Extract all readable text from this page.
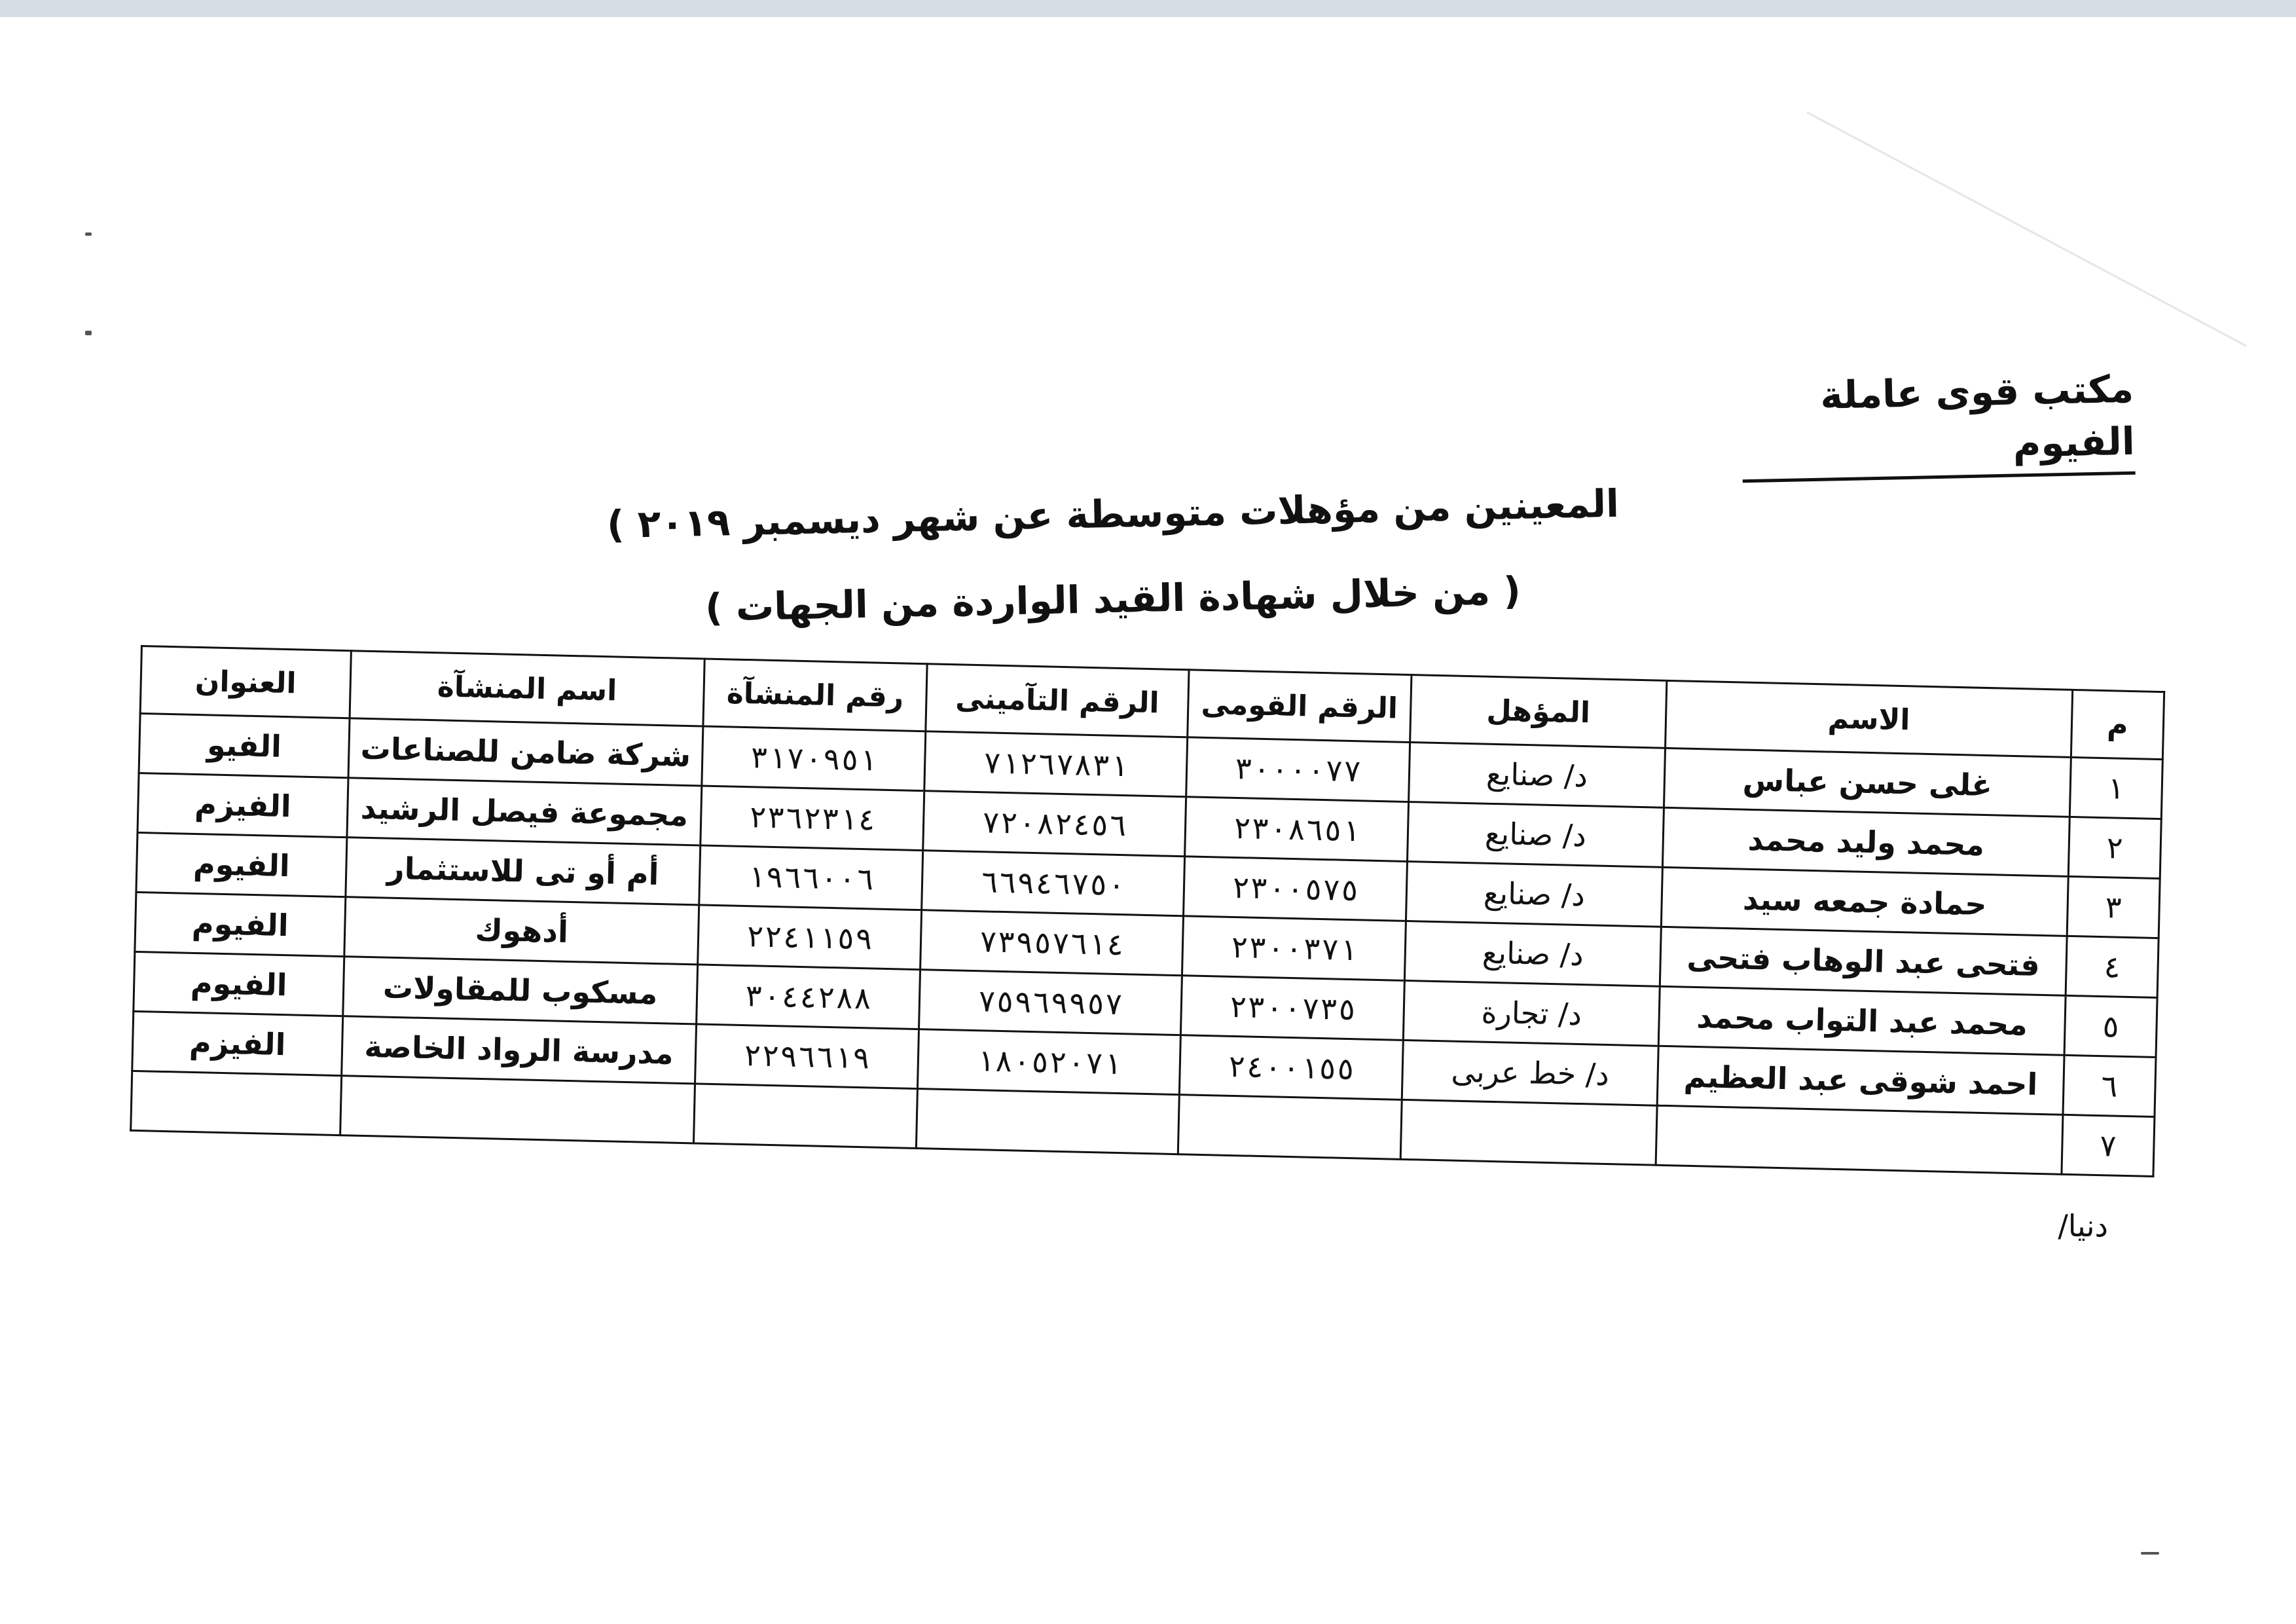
مكتب قوى عاملة الفيوم
المعينين من مؤهلات متوسطة عن شهر ديسمبر ٢٠١٩ )
( من خلال شهادة القيد الواردة من الجهات )
م	الاسم	المؤهل	الرقم القومى	الرقم التآمينى	رقم المنشآة	اسم المنشآة	العنوان
١	غلى حسن عباس	د/ صنايع	٣٠٠٠٠٧٧	٧١٢٦٧٨٣١	٣١٧٠٩٥١	شركة ضامن للصناعات	الفيو
٢	محمد وليد محمد	د/ صنايع	٢٣٠٨٦٥١	٧٢٠٨٢٤٥٦	٢٣٦٢٣١٤	مجموعة فيصل الرشيد	الفيزم
٣	حمادة جمعه سيد	د/ صنايع	٢٣٠٠٥٧٥	٦٦٩٤٦٧٥٠	١٩٦٦٠٠٦	أم أو تى للاستثمار	الفيوم
٤	فتحى عبد الوهاب فتحى	د/ صنايع	٢٣٠٠٣٧١	٧٣٩٥٧٦١٤	٢٢٤١١٥٩	أدهوك	الفيوم
٥	محمد عبد التواب محمد	د/ تجارة	٢٣٠٠٧٣٥	٧٥٩٦٩٩٥٧	٣٠٤٤٢٨٨	مسكوب للمقاولات	الفيوم
٦	احمد شوقى عبد العظيم	د/ خط عربى	٢٤٠٠١٥٥	١٨٠٥٢٠٧١	٢٢٩٦٦١٩	مدرسة الرواد الخاصة	الفيزم
٧							
دنيا/
